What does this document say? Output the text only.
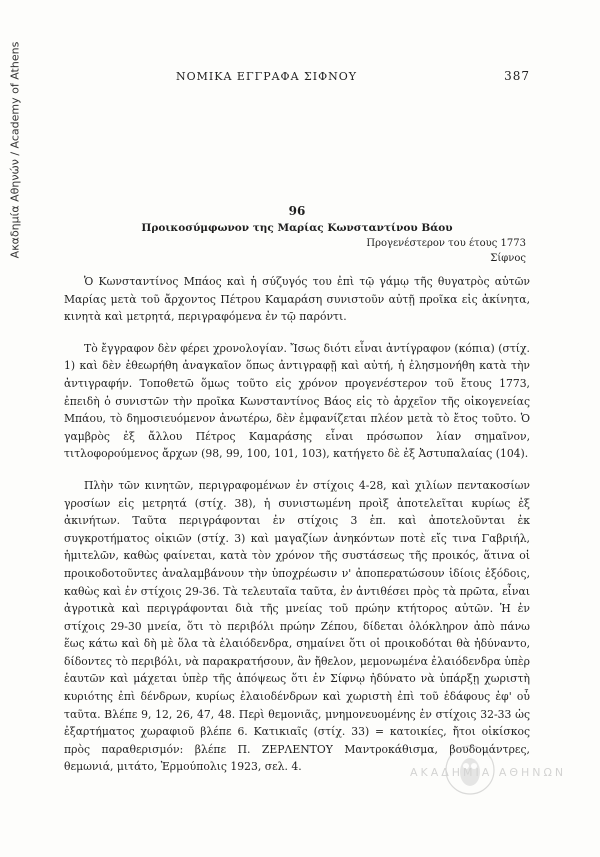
Ακαδημία Αθηνών / Academy of Athens	ΝΟΜΙΚΑ ΕΓΓΡΑΦΑ ΣΙΦΝΟΥ	387
96
Προικοσύμφωνον της Μαρίας Κωνσταντίνου Βάου
Προγενέστερον του έτους 1773
Σίφνος

Ὁ Κωνσταντίνος Μπάος καὶ ἡ σύζυγός του ἐπὶ τῷ γάμῳ τῆς θυγατρὸς αὐτῶν Μαρίας μετὰ τοῦ ἄρχοντος Πέτρου Καμαράση συνιστοῦν αὐτῇ προῖκα εἰς ἀκίνητα, κινητὰ καὶ μετρητά, περιγραφόμενα ἐν τῷ παρόντι.

Τὸ ἔγγραφον δὲν φέρει χρονολογίαν. Ἴσως διότι εἶναι ἀντίγραφον (κόπια) (στίχ. 1) καὶ δὲν ἐθεωρήθη ἀναγκαῖον ὅπως ἀντιγραφῇ καὶ αὐτή, ἡ ἐλησμονήθη κατὰ τὴν ἀντιγραφήν. Τοποθετῶ ὅμως τοῦτο εἰς χρόνον προγενέστερον τοῦ ἔτους 1773, ἐπειδὴ ὁ συνιστῶν τὴν προῖκα Κωνσταντίνος Βάος εἰς τὸ ἀρχεῖον τῆς οἰκογενείας Μπάου, τὸ δημοσιευόμενον ἀνωτέρω, δὲν ἐμφανίζεται πλέον μετὰ τὸ ἔτος τοῦτο. Ὁ γαμβρὸς ἐξ ἄλλου Πέτρος Καμαράσης εἶναι πρόσωπον λίαν σημαῖνον, τιτλοφορούμενος ἄρχων (98, 99, 100, 101, 103), κατήγετο δὲ ἐξ Ἀστυπαλαίας (104).

Πλὴν τῶν κινητῶν, περιγραφομένων ἐν στίχοις 4-28, καὶ χιλίων πεντακοσίων γροσίων εἰς μετρητά (στίχ. 38), ἡ συνιστωμένη προὶξ ἀποτελεῖται κυρίως ἐξ ἀκινήτων. Ταῦτα περιγράφονται ἐν στίχοις 3 ἑπ. καὶ ἀποτελοῦνται ἐκ συγκροτήματος οἰκιῶν (στίχ. 3) καὶ μαγαζίων ἀνηκόντων ποτὲ εἴς τινα Γαβριήλ, ἡμιτελῶν, καθὼς φαίνεται, κατὰ τὸν χρόνον τῆς συστάσεως τῆς προικός, ἅτινα οἱ προικοδοτοῦντες ἀναλαμβάνουν τὴν ὑποχρέωσιν ν' ἀποπερατώσουν ἰδίοις ἐξόδοις, καθὼς καὶ ἐν στίχοις 29-36. Τὰ τελευταῖα ταῦτα, ἐν ἀντιθέσει πρὸς τὰ πρῶτα, εἶναι ἀγροτικὰ καὶ περιγράφονται διὰ τῆς μνείας τοῦ πρώην κτήτορος αὐτῶν. Ἡ ἐν στίχοις 29-30 μνεία, ὅτι τὸ περιβόλι πρώην Ζέπου, δίδεται ὁλόκληρον ἀπὸ πάνω ἕως κάτω καὶ δὴ μὲ ὅλα τὰ ἐλαιόδενδρα, σημαίνει ὅτι οἱ προικοδόται θὰ ἠδύναντο, δίδοντες τὸ περιβόλι, νὰ παρακρατήσουν, ἂν ἤθελον, μεμονωμένα ἐλαιόδενδρα ὑπὲρ ἑαυτῶν καὶ μάχεται ὑπὲρ τῆς ἀπόψεως ὅτι ἐν Σίφνῳ ἠδύνατο νὰ ὑπάρξῃ χωριστὴ κυριότης ἐπὶ δένδρων, κυρίως ἐλαιοδένδρων καὶ χωριστὴ ἐπὶ τοῦ ἐδάφους ἐφ' οὗ ταῦτα. Βλέπε 9, 12, 26, 47, 48. Περὶ θεμονιᾶς, μνημονευομένης ἐν στίχοις 32-33 ὡς ἐξαρτήματος χωραφιοῦ βλέπε 6. Κατικιαῖς (στίχ. 33) = κατοικίες, ἤτοι οἰκίσκος πρὸς παραθερισμόν: βλέπε Π. ΖΕΡΛΕΝΤΟΥ Μαντροκάθισμα, βουδομάντρες, θεμωνιά, μιτάτο, Ἑρμούπολις 1923, σελ. 4.	ΑΚΑΔΗΜΙΑ ΑΘΗΝΩΝ
